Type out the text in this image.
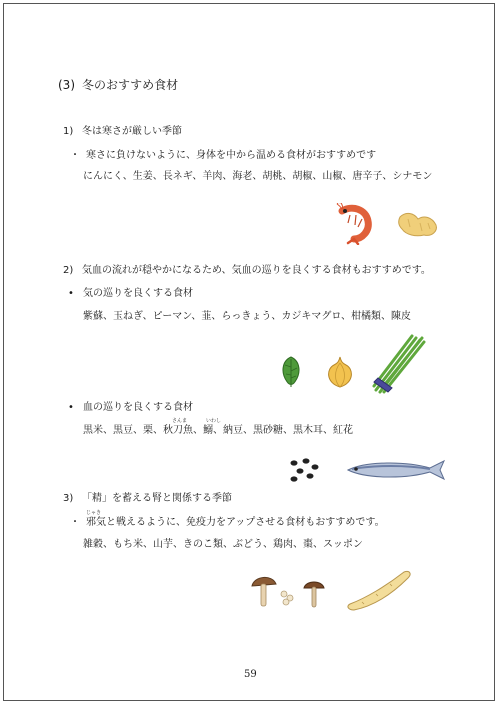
(3) 冬のおすすめ食材
1) 冬は寒さが厳しい季節
・ 寒さに負けないように、身体を中から温める食材がおすすめです
にんにく、生姜、長ネギ、羊肉、海老、胡桃、胡椒、山椒、唐辛子、シナモン
2) 気血の流れが穏やかになるため、気血の巡りを良くする食材もおすすめです。
• 気の巡りを良くする食材
紫蘇、玉ねぎ、ピーマン、韮、らっきょう、カジキマグロ、柑橘類、陳皮
• 血の巡りを良くする食材
さんま	いわし
黒米、黒豆、栗、秋刀魚、鰯、納豆、黒砂糖、黒木耳、紅花
3) 「精」を蓄える腎と関係する季節
じゃき
・ 邪気と戦えるように、免疫力をアップさせる食材もおすすめです。
雑穀、もち米、山芋、きのこ類、ぶどう、鶏肉、棗、スッポン
59
